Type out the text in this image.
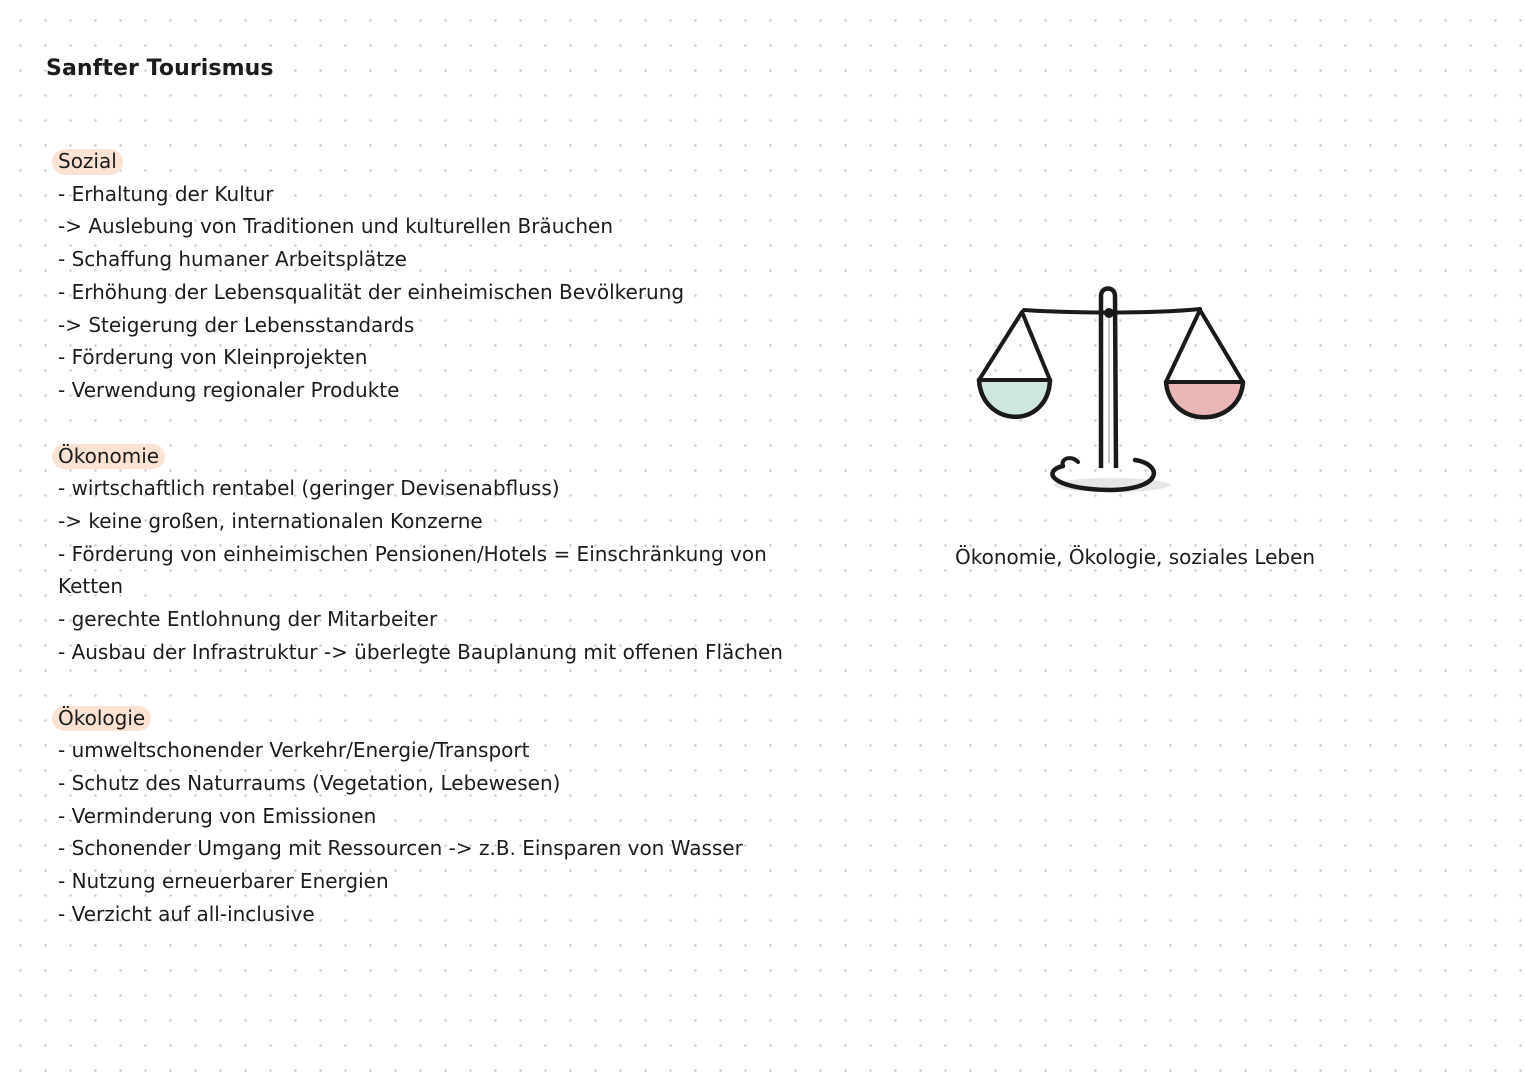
Sanfter Tourismus
Sozial
- Erhaltung der Kultur
-> Auslebung von Traditionen und kulturellen Bräuchen
- Schaffung humaner Arbeitsplätze
- Erhöhung der Lebensqualität der einheimischen Bevölkerung
-> Steigerung der Lebensstandards
- Förderung von Kleinprojekten
- Verwendung regionaler Produkte
Ökonomie
- wirtschaftlich rentabel (geringer Devisenabfluss)
-> keine großen, internationalen Konzerne
- Förderung von einheimischen Pensionen/Hotels = Einschränkung von Ketten
- gerechte Entlohnung der Mitarbeiter
- Ausbau der Infrastruktur -> überlegte Bauplanung mit offenen Flächen
Ökologie
- umweltschonender Verkehr/Energie/Transport
- Schutz des Naturraums (Vegetation, Lebewesen)
- Verminderung von Emissionen
- Schonender Umgang mit Ressourcen -> z.B. Einsparen von Wasser
- Nutzung erneuerbarer Energien
- Verzicht auf all-inclusive
Ökonomie, Ökologie, soziales Leben
